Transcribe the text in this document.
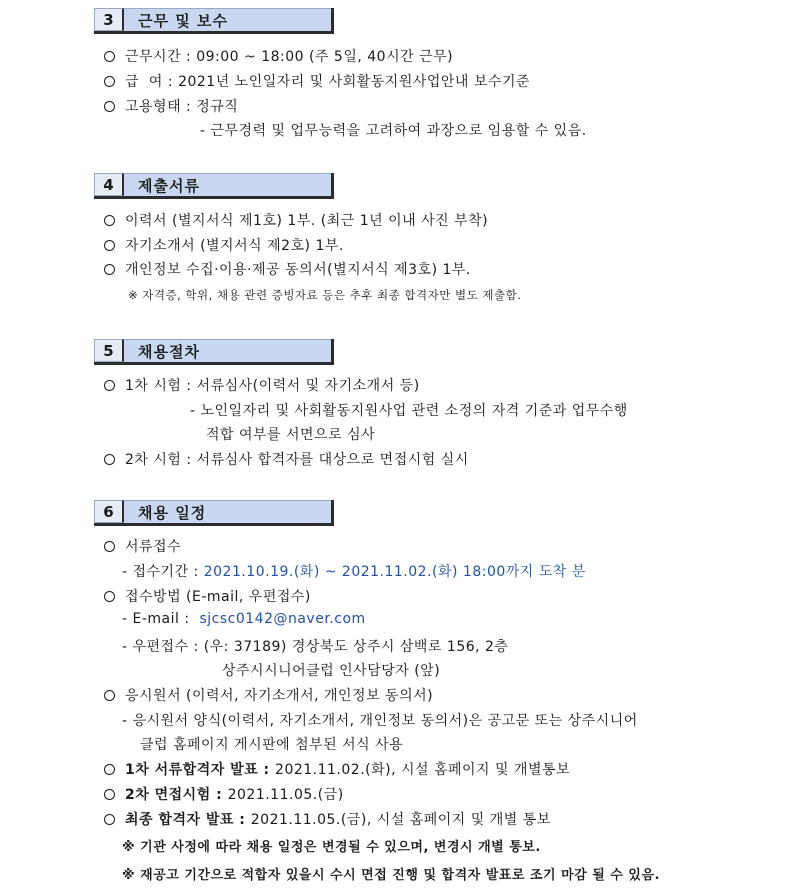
3	근무 및 보수
근무시간 : 09:00 ~ 18:00 (주 5일, 40시간 근무)
급  여 : 2021년 노인일자리 및 사회활동지원사업안내 보수기준
고용형태 : 정규직
- 근무경력 및 업무능력을 고려하여 과장으로 임용할 수 있음.
4	제출서류
이력서 (별지서식 제1호) 1부. (최근 1년 이내 사진 부착)
자기소개서 (별지서식 제2호) 1부.
개인정보 수집·이용·제공 동의서(별지서식 제3호) 1부.
※ 자격증, 학위, 채용 관련 증빙자료 등은 추후 최종 합격자만 별도 제출함.
5	채용절차
1차 시험 : 서류심사(이력서 및 자기소개서 등)
- 노인일자리 및 사회활동지원사업 관련 소정의 자격 기준과 업무수행
적합 여부를 서면으로 심사
2차 시험 : 서류심사 합격자를 대상으로 면접시험 실시
6	채용 일정
서류접수
- 접수기간 : 2021.10.19.(화) ~ 2021.11.02.(화) 18:00까지 도착 분
접수방법 (E-mail, 우편접수)
- E-mail :  sjcsc0142@naver.com
- 우편접수 : (우: 37189) 경상북도 상주시 삼백로 156, 2층
상주시시니어클럽 인사담당자 (앞)
응시원서 (이력서, 자기소개서, 개인정보 동의서)
- 응시원서 양식(이력서, 자기소개서, 개인정보 동의서)은 공고문 또는 상주시니어
클럽 홈페이지 게시판에 첨부된 서식 사용
1차 서류합격자 발표 : 2021.11.02.(화), 시설 홈페이지 및 개별통보
2차 면접시험 : 2021.11.05.(금)
최종 합격자 발표 : 2021.11.05.(금), 시설 홈페이지 및 개별 통보
※ 기관 사정에 따라 채용 일정은 변경될 수 있으며, 변경시 개별 통보.
※ 재공고 기간으로 적합자 있을시 수시 면접 진행 및 합격자 발표로 조기 마감 될 수 있음.
